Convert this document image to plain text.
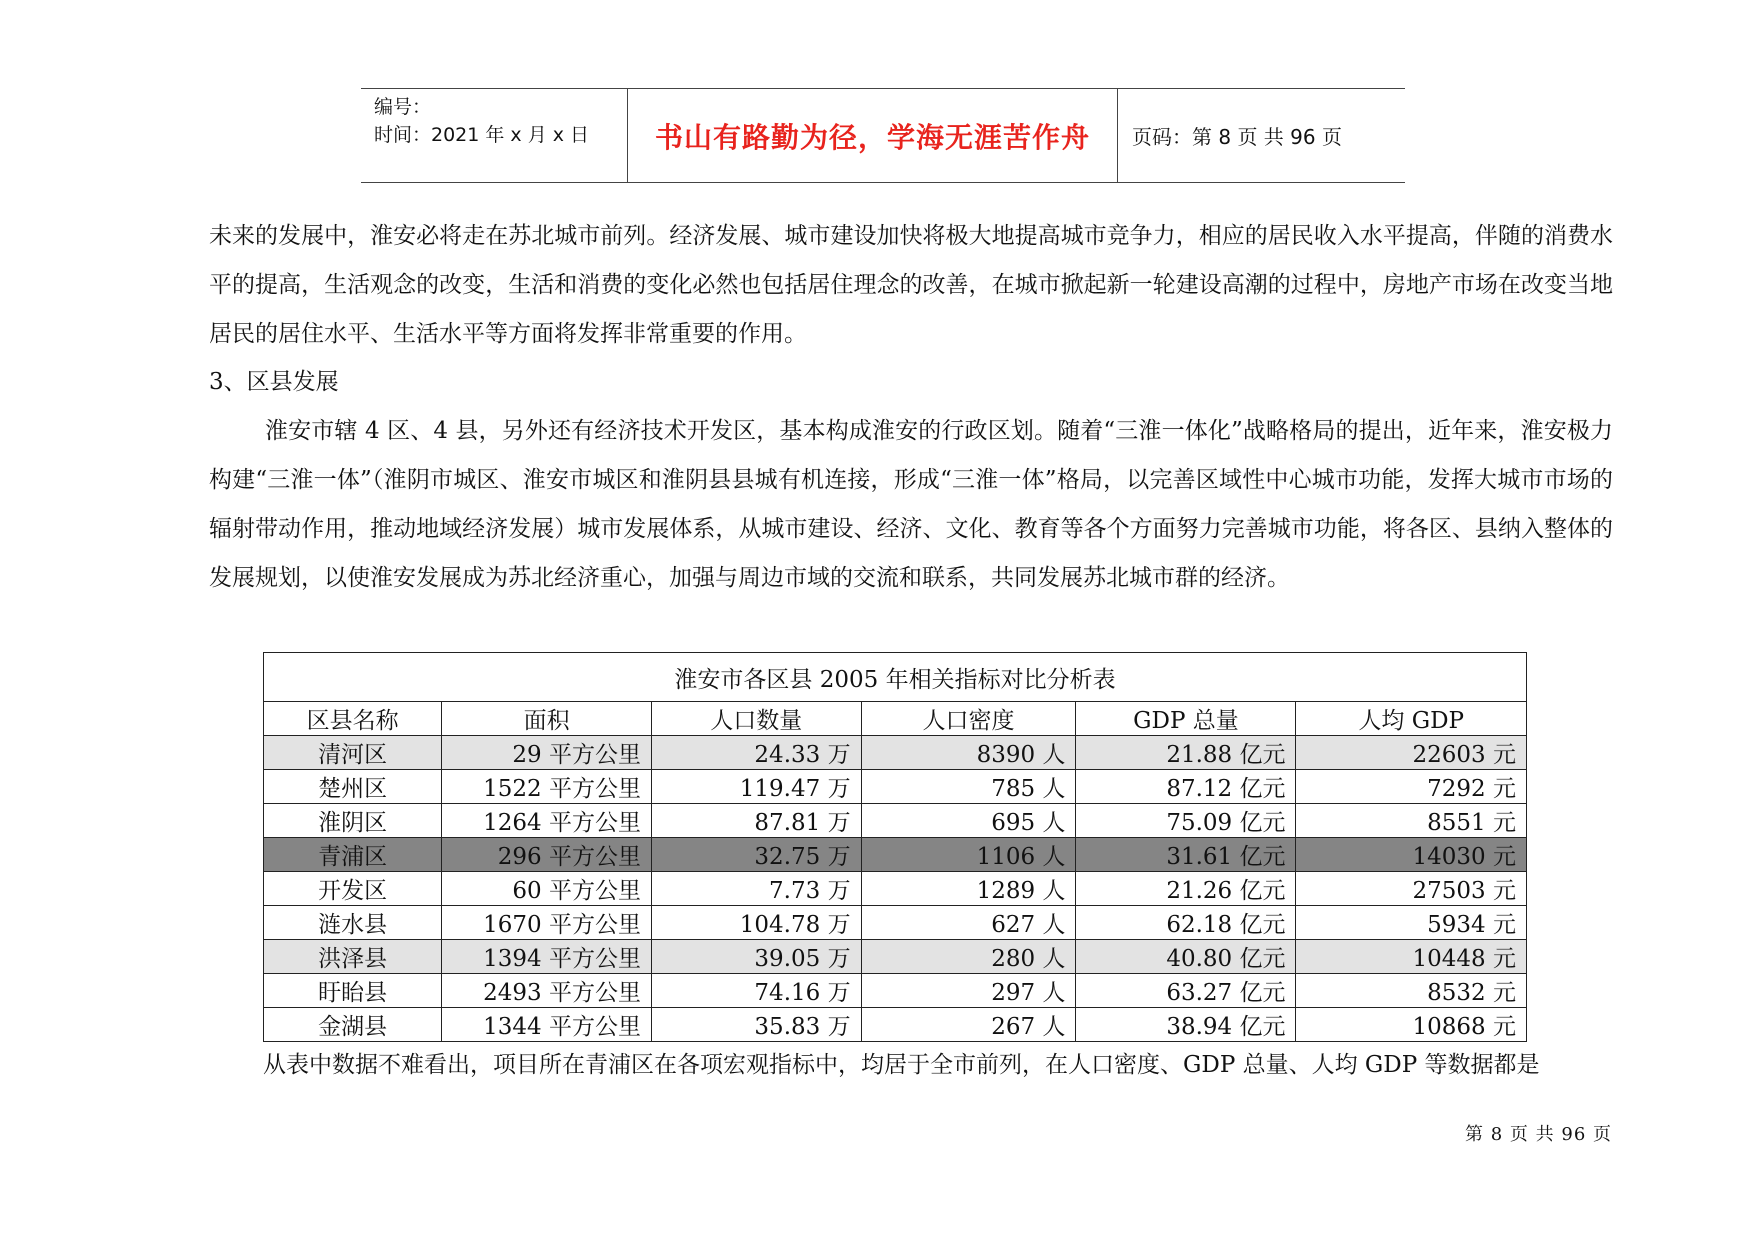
编号：
时间：2021 年 x 月 x 日	书山有路勤为径，学海无涯苦作舟	页码：第 8 页 共 96 页

未来的发展中，淮安必将走在苏北城市前列。经济发展、城市建设加快将极大地提高城市竞争力，相应的居民收入水平提高，伴随的消费水平的提高，生活观念的改变，生活和消费的变化必然也包括居住理念的改善，在城市掀起新一轮建设高潮的过程中，房地产市场在改变当地居民的居住水平、生活水平等方面将发挥非常重要的作用。

3、区县发展

淮安市辖 4 区、4 县，另外还有经济技术开发区，基本构成淮安的行政区划。随着“三淮一体化”战略格局的提出，近年来，淮安极力构建“三淮一体”（淮阴市城区、淮安市城区和淮阴县县城有机连接，形成“三淮一体”格局，以完善区域性中心城市功能，发挥大城市市场的辐射带动作用，推动地域经济发展）城市发展体系，从城市建设、经济、文化、教育等各个方面努力完善城市功能，将各区、县纳入整体的发展规划，以使淮安发展成为苏北经济重心，加强与周边市域的交流和联系，共同发展苏北城市群的经济。

淮安市各区县 2005 年相关指标对比分析表					
区县名称	面积	人口数量	人口密度	GDP 总量	人均 GDP
清河区	29 平方公里	24.33 万	8390 人	21.88 亿元	22603 元
楚州区	1522 平方公里	119.47 万	785 人	87.12 亿元	7292 元
淮阴区	1264 平方公里	87.81 万	695 人	75.09 亿元	8551 元
青浦区	296 平方公里	32.75 万	1106 人	31.61 亿元	14030 元
开发区	60 平方公里	7.73 万	1289 人	21.26 亿元	27503 元
涟水县	1670 平方公里	104.78 万	627 人	62.18 亿元	5934 元
洪泽县	1394 平方公里	39.05 万	280 人	40.80 亿元	10448 元
盱眙县	2493 平方公里	74.16 万	297 人	63.27 亿元	8532 元
金湖县	1344 平方公里	35.83 万	267 人	38.94 亿元	10868 元

从表中数据不难看出，项目所在青浦区在各项宏观指标中，均居于全市前列，在人口密度、GDP 总量、人均 GDP 等数据都是

第 8 页 共 96 页
